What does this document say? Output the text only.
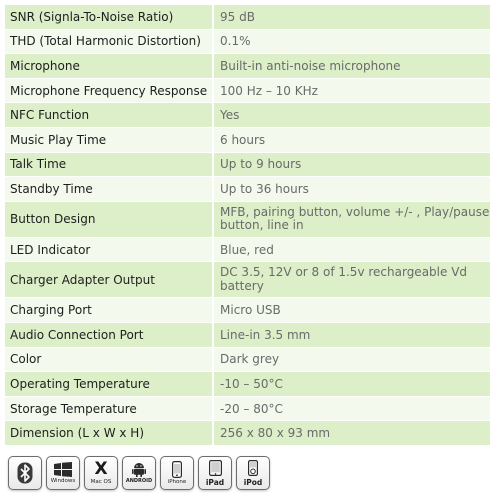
SNR (Signla-To-Noise Ratio)	95 dB
THD (Total Harmonic Distortion)	0.1%
Microphone	Built-in anti-noise microphone
Microphone Frequency Response	100 Hz – 10 KHz
NFC Function	Yes
Music Play Time	6 hours
Talk Time	Up to 9 hours
Standby Time	Up to 36 hours
Button Design	MFB, pairing button, volume +/- , Play/pause button, line in
LED Indicator	Blue, red
Charger Adapter Output	DC 3.5, 12V or 8 of 1.5v rechargeable Vd battery
Charging Port	Micro USB
Audio Connection Port	Line-in 3.5 mm
Color	Dark grey
Operating Temperature	-10 – 50°C
Storage Temperature	-20 – 80°C
Dimension (L x W x H)	256 x 80 x 93 mm
Windows
X
Mac OS	ANDROID	iPhone	iPad	iPod
